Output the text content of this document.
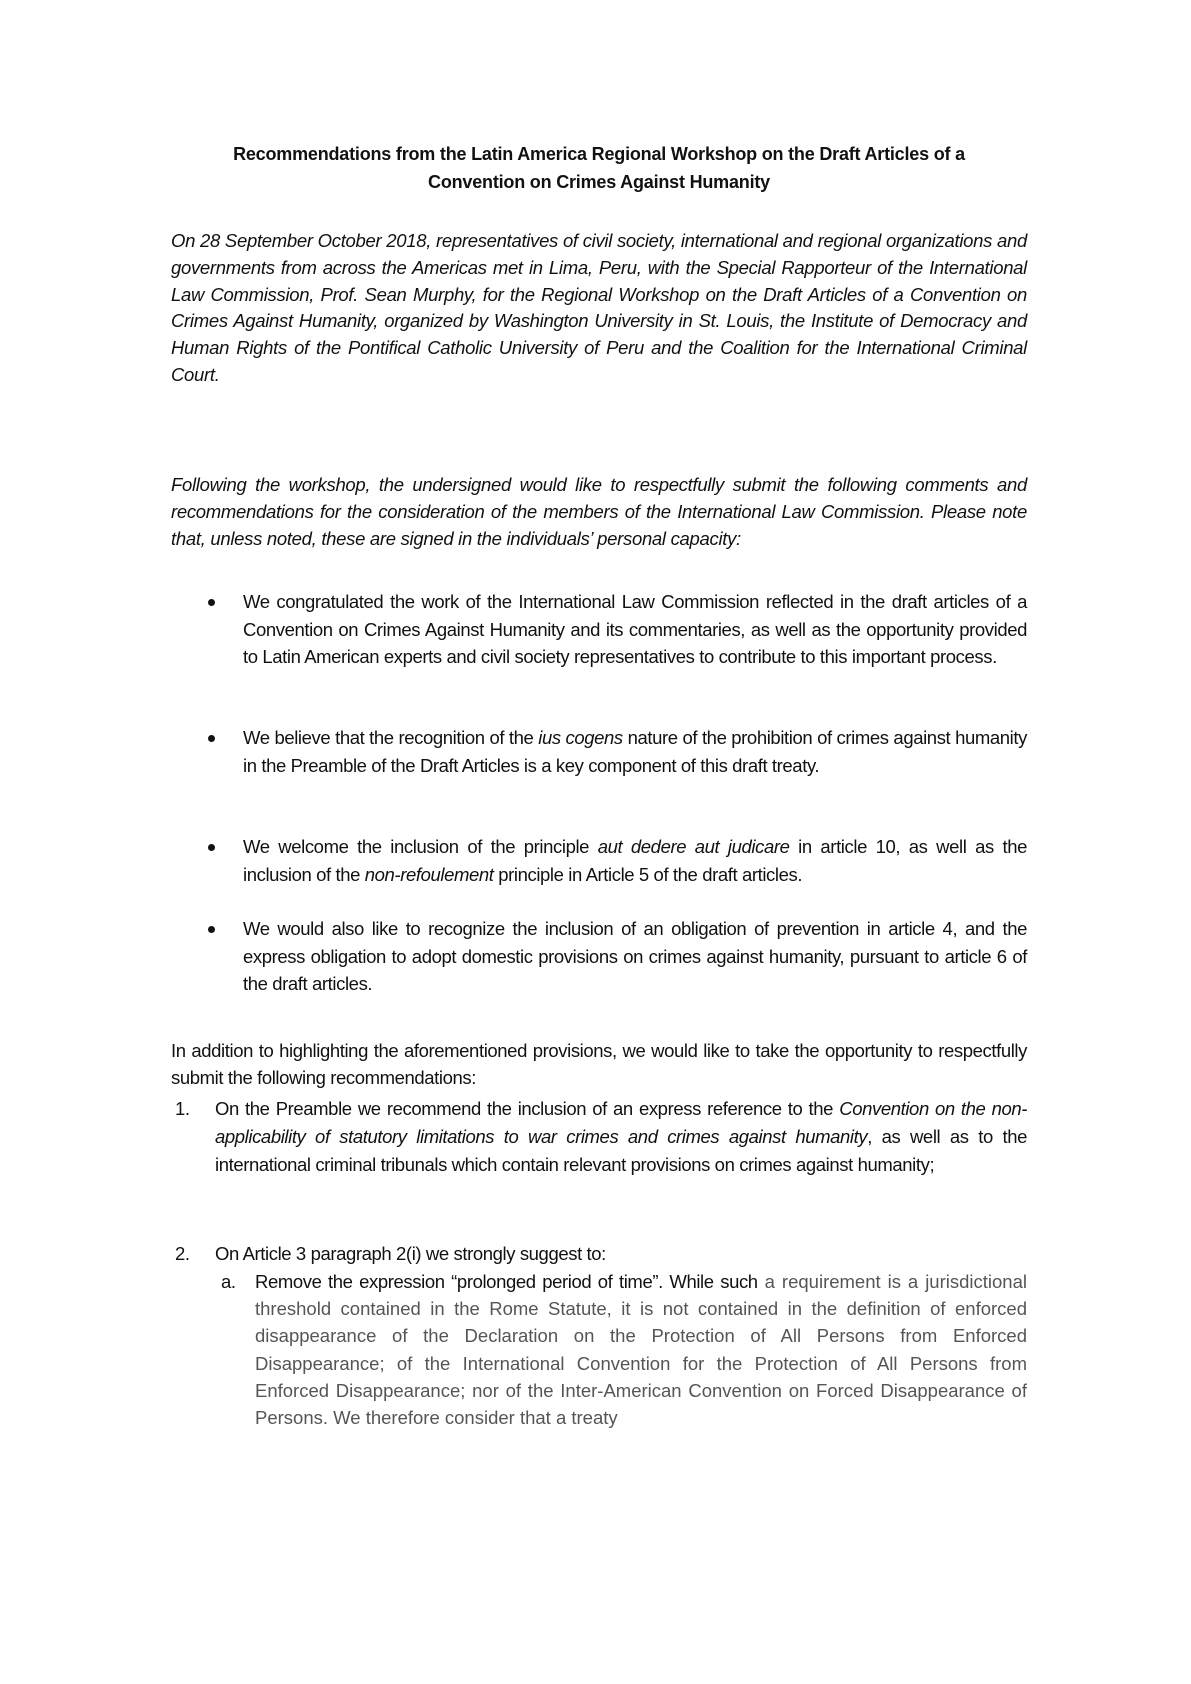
Recommendations from the Latin America Regional Workshop on the Draft Articles of a
Convention on Crimes Against Humanity

On 28 September October 2018, representatives of civil society, international and regional organizations and governments from across the Americas met in Lima, Peru, with the Special Rapporteur of the International Law Commission, Prof. Sean Murphy, for the Regional Workshop on the Draft Articles of a Convention on Crimes Against Humanity, organized by Washington University in St. Louis, the Institute of Democracy and Human Rights of the Pontifical Catholic University of Peru and the Coalition for the International Criminal Court.

Following the workshop, the undersigned would like to respectfully submit the following comments and recommendations for the consideration of the members of the International Law Commission. Please note that, unless noted, these are signed in the individuals’ personal capacity:

We congratulated the work of the International Law Commission reflected in the draft articles of a Convention on Crimes Against Humanity and its commentaries, as well as the opportunity provided to Latin American experts and civil society representatives to contribute to this important process.
We believe that the recognition of the ius cogens nature of the prohibition of crimes against humanity in the Preamble of the Draft Articles is a key component of this draft treaty.
We welcome the inclusion of the principle aut dedere aut judicare in article 10, as well as the inclusion of the non-refoulement principle in Article 5 of the draft articles.
We would also like to recognize the inclusion of an obligation of prevention in article 4, and the express obligation to adopt domestic provisions on crimes against humanity, pursuant to article 6 of the draft articles.

In addition to highlighting the aforementioned provisions, we would like to take the opportunity to respectfully submit the following recommendations:

1. On the Preamble we recommend the inclusion of an express reference to the Convention on the non-applicability of statutory limitations to war crimes and crimes against humanity, as well as to the international criminal tribunals which contain relevant provisions on crimes against humanity;
2. On Article 3 paragraph 2(i) we strongly suggest to:
a. Remove the expression “prolonged period of time”. While such a requirement is a jurisdictional threshold contained in the Rome Statute, it is not contained in the definition of enforced disappearance of the Declaration on the Protection of All Persons from Enforced Disappearance; of the International Convention for the Protection of All Persons from Enforced Disappearance; nor of the Inter-American Convention on Forced Disappearance of Persons. We therefore consider that a treaty
